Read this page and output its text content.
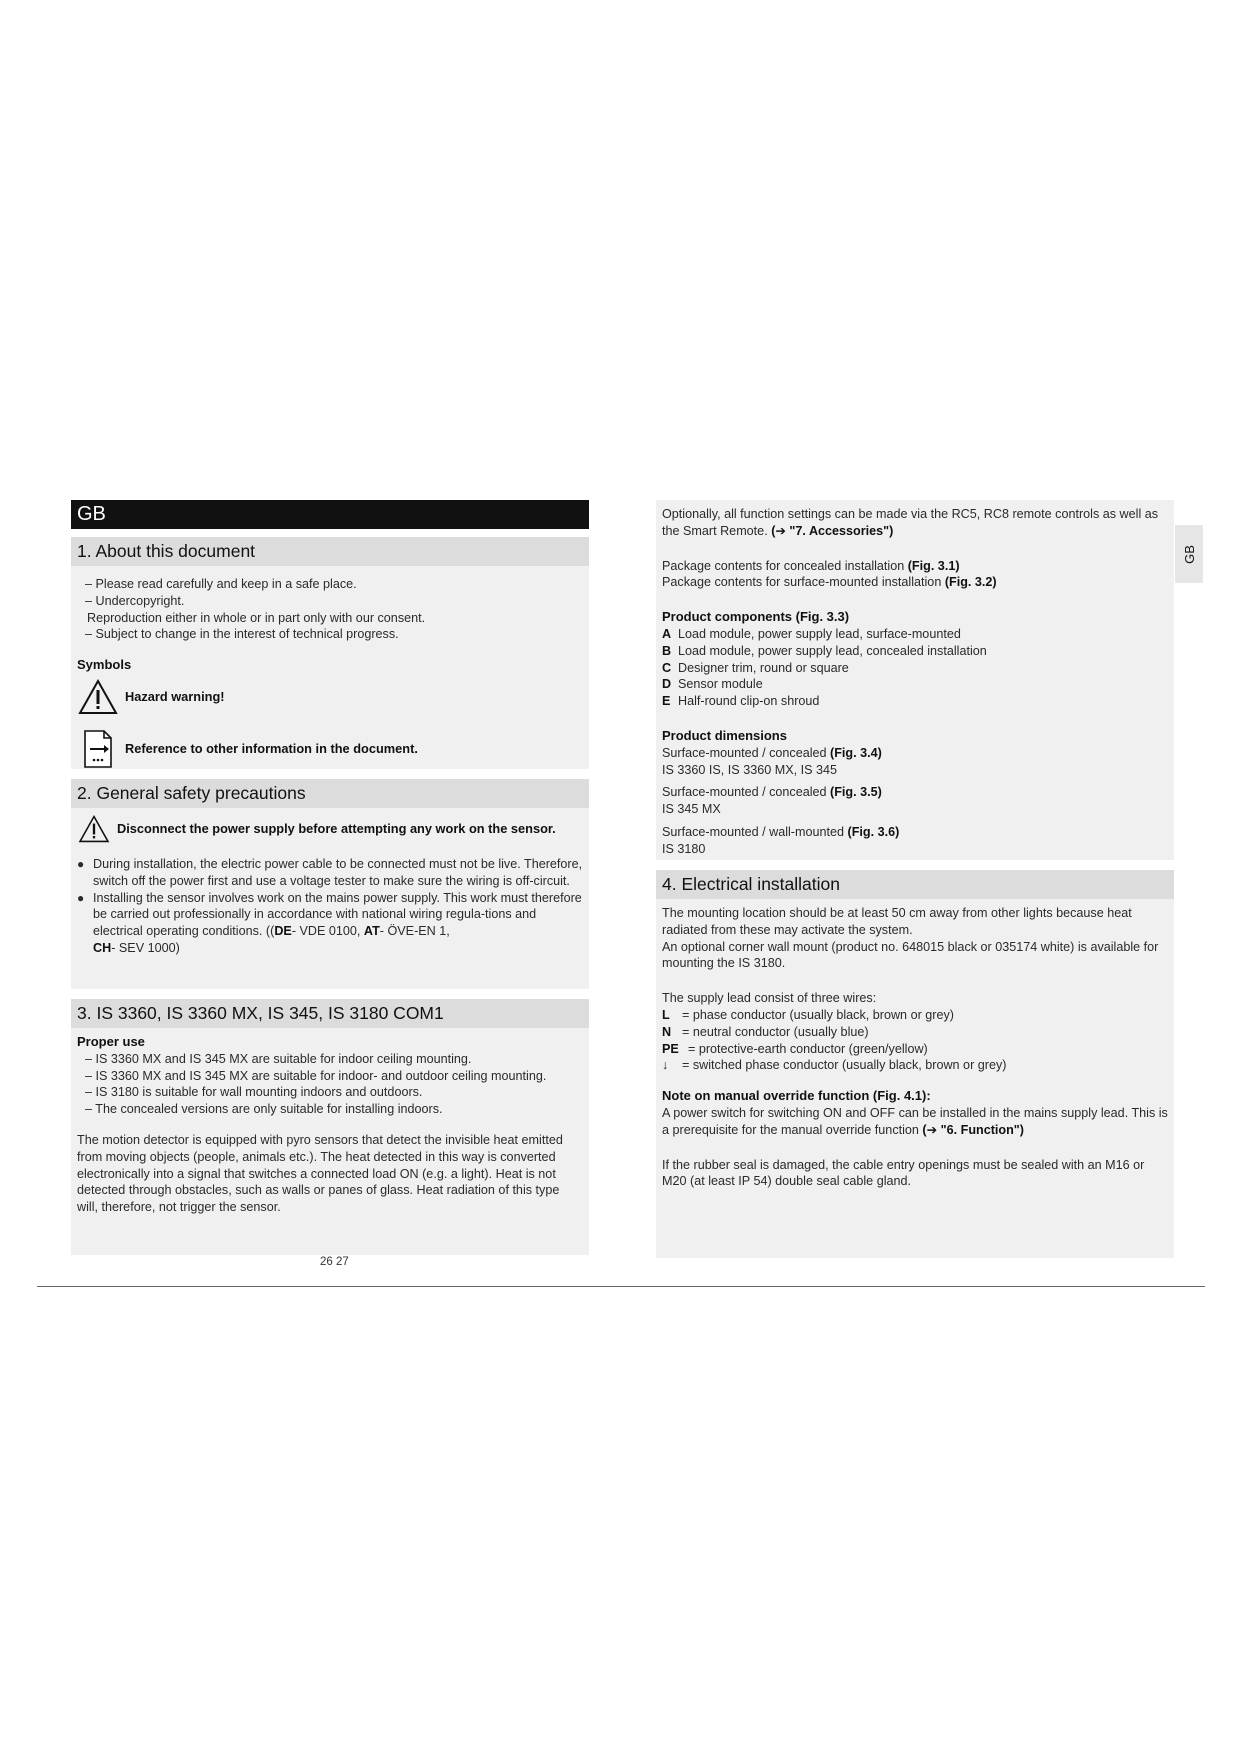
GB
1. About this document

– Please read carefully and keep in a safe place.

– Undercopyright.

Reproduction either in whole or in part only with our consent.

– Subject to change in the interest of technical progress.

Symbols

Hazard warning!
Reference to other information in the document.
2. General safety precautions
Disconnect the power supply before attempting any work on the sensor.
● During installation, the electric power cable to be connected must not be live. Therefore, switch off the power first and use a voltage tester to make sure the wiring is off-circuit.
● Installing the sensor involves work on the mains power supply. This work must therefore be carried out professionally in accordance with national wiring regula-tions and electrical operating conditions. ((DE- VDE 0100, AT- ÖVE-EN 1,
CH- SEV 1000)
3. IS 3360, IS 3360 MX, IS 345, IS 3180 COM1

Proper use

– IS 3360 MX and IS 345 MX are suitable for indoor ceiling mounting.

– IS 3360 MX and IS 345 MX are suitable for indoor- and outdoor ceiling mounting.

– IS 3180 is suitable for wall mounting indoors and outdoors.

– The concealed versions are only suitable for installing indoors.

The motion detector is equipped with pyro sensors that detect the invisible heat emitted from moving objects (people, animals etc.). The heat detected in this way is converted electronically into a signal that switches a connected load ON (e.g. a light). Heat is not detected through obstacles, such as walls or panes of glass. Heat radiation of this type will, therefore, not trigger the sensor.

Optionally, all function settings can be made via the RC5, RC8 remote controls as well as the Smart Remote. (➔ "7. Accessories")

Package contents for concealed installation (Fig. 3.1)

Package contents for surface-mounted installation (Fig. 3.2)

Product components (Fig. 3.3)

A Load module, power supply lead, surface-mounted
B Load module, power supply lead, concealed installation
C Designer trim, round or square
D Sensor module
E Half-round clip-on shroud

Product dimensions

Surface-mounted / concealed (Fig. 3.4)

IS 3360 IS, IS 3360 MX, IS 345

Surface-mounted / concealed (Fig. 3.5)

IS 345 MX

Surface-mounted / wall-mounted (Fig. 3.6)

IS 3180

4. Electrical installation

The mounting location should be at least 50 cm away from other lights because heat radiated from these may activate the system.

An optional corner wall mount (product no. 648015 black or 035174 white) is available for mounting the IS 3180.

The supply lead consist of three wires:

L = phase conductor (usually black, brown or grey)
N = neutral conductor (usually blue)
PE = protective-earth conductor (green/yellow)
↓	= switched phase conductor (usually black, brown or grey)

Note on manual override function (Fig. 4.1):

A power switch for switching ON and OFF can be installed in the mains supply lead. This is a prerequisite for the manual override function (➔ "6. Function")

If the rubber seal is damaged, the cable entry openings must be sealed with an M16 or M20 (at least IP 54) double seal cable gland.

GB
26 27
